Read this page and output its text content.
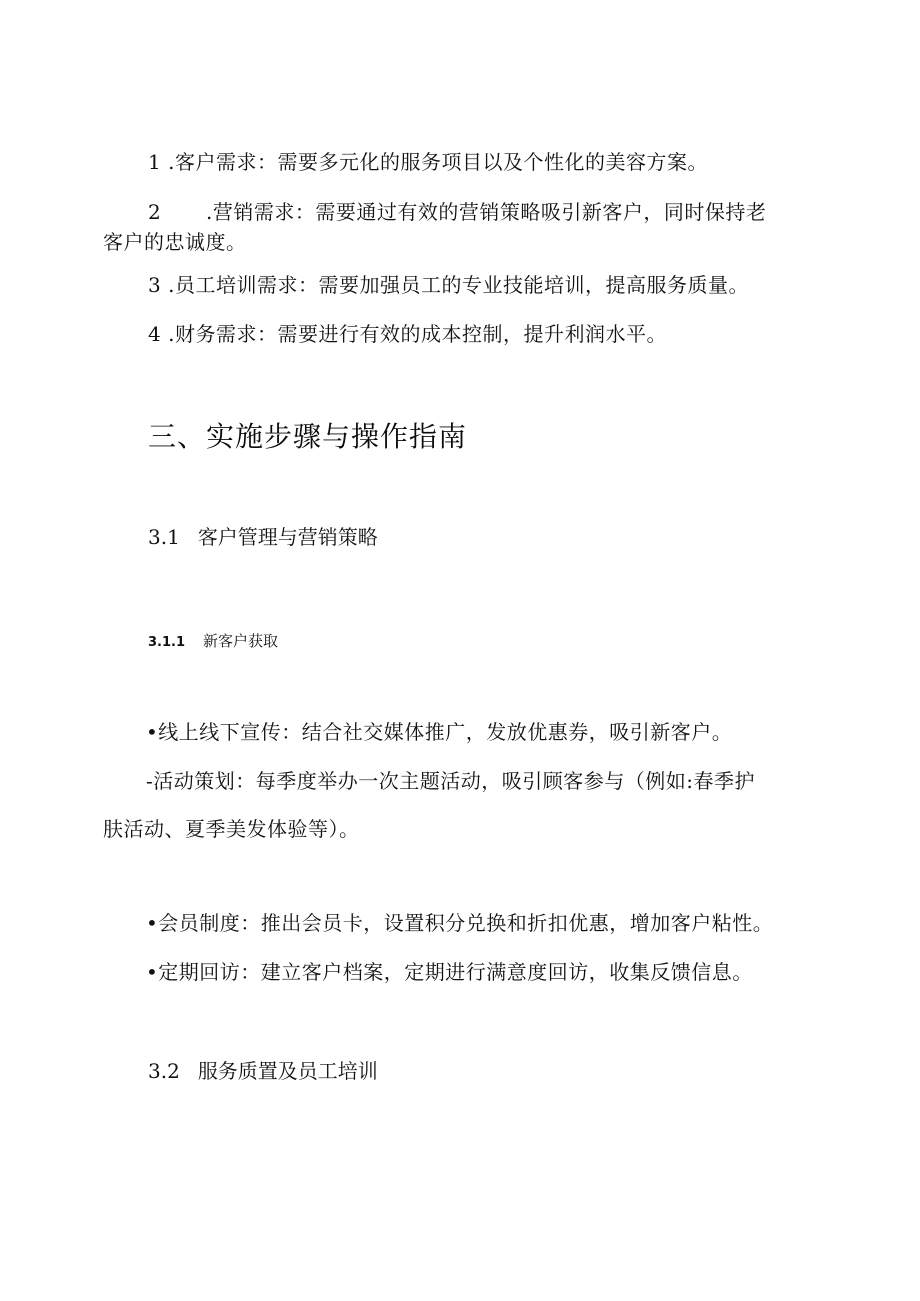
1 .客户需求：需要多元化的服务项目以及个性化的美容方案。
2 .营销需求：需要通过有效的营销策略吸引新客户，同时保持老
客户的忠诚度。
3 .员工培训需求：需要加强员工的专业技能培训，提高服务质量。
4 .财务需求：需要进行有效的成本控制，提升利润水平。
三、实施步骤与操作指南
3.1 客户管理与营销策略
3.1.1 新客户获取
•线上线下宣传：结合社交媒体推广，发放优惠券，吸引新客户。
-活动策划：每季度举办一次主题活动，吸引顾客参与（例如:春季护
肤活动、夏季美发体验等）。
•会员制度：推出会员卡，设置积分兑换和折扣优惠，增加客户粘性。
•定期回访：建立客户档案，定期进行满意度回访，收集反馈信息。
3.2 服务质置及员工培训
